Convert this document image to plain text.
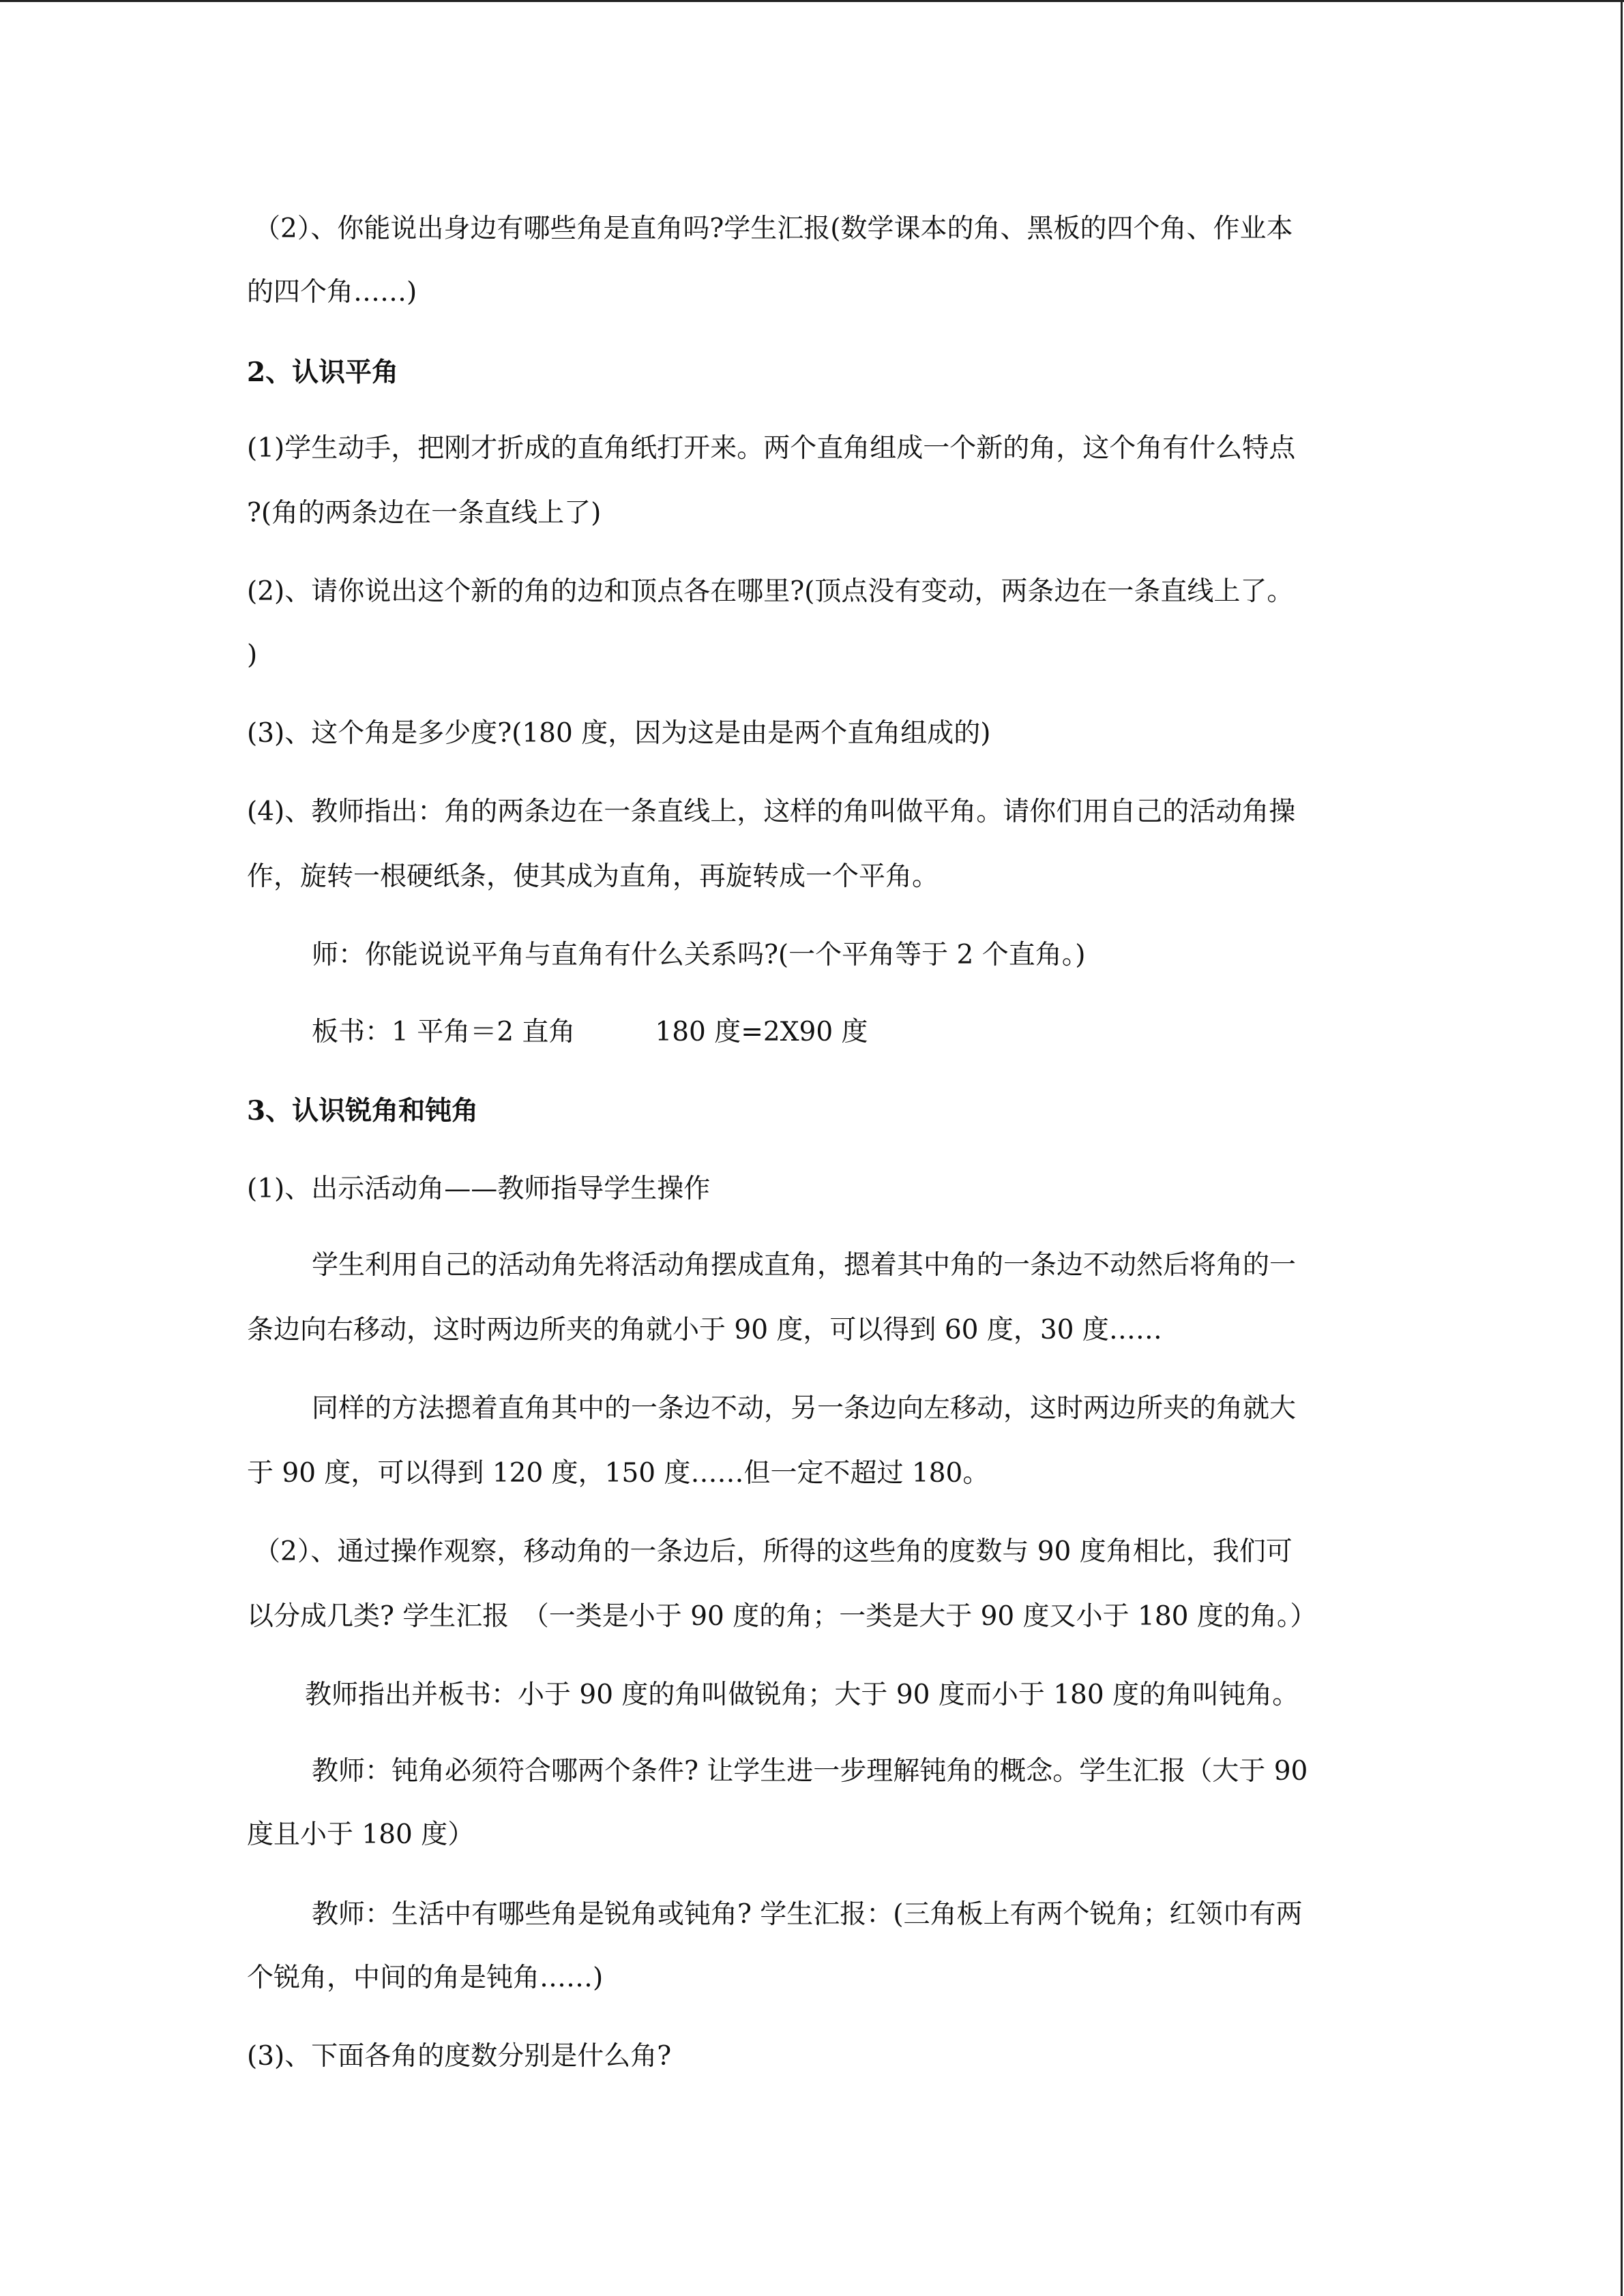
（2）、你能说出身边有哪些角是直角吗?学生汇报(数学课本的角、黑板的四个角、作业本
的四个角……)
2、认识平角
(1)学生动手，把刚才折成的直角纸打开来。两个直角组成一个新的角，这个角有什么特点
?(角的两条边在一条直线上了)
(2)、请你说出这个新的角的边和顶点各在哪里?(顶点没有变动，两条边在一条直线上了。
)
(3)、这个角是多少度?(180 度，因为这是由是两个直角组成的)
(4)、教师指出：角的两条边在一条直线上，这样的角叫做平角。请你们用自己的活动角操
作，旋转一根硬纸条，使其成为直角，再旋转成一个平角。
师：你能说说平角与直角有什么关系吗?(一个平角等于 2 个直角。)
板书：1 平角＝2 直角　　　180 度=2X90 度
3、认识锐角和钝角
(1)、出示活动角——教师指导学生操作
学生利用自己的活动角先将活动角摆成直角，摁着其中角的一条边不动然后将角的一
条边向右移动，这时两边所夹的角就小于 90 度，可以得到 60 度，30 度……
同样的方法摁着直角其中的一条边不动，另一条边向左移动，这时两边所夹的角就大
于 90 度，可以得到 120 度，150 度……但一定不超过 180。
（2）、通过操作观察，移动角的一条边后，所得的这些角的度数与 90 度角相比，我们可
以分成几类? 学生汇报　（一类是小于 90 度的角；一类是大于 90 度又小于 180 度的角。）
教师指出并板书：小于 90 度的角叫做锐角；大于 90 度而小于 180 度的角叫钝角。
教师：钝角必须符合哪两个条件? 让学生进一步理解钝角的概念。学生汇报（大于 90
度且小于 180 度）
教师：生活中有哪些角是锐角或钝角? 学生汇报：(三角板上有两个锐角；红领巾有两
个锐角，中间的角是钝角……)
(3)、下面各角的度数分别是什么角?
